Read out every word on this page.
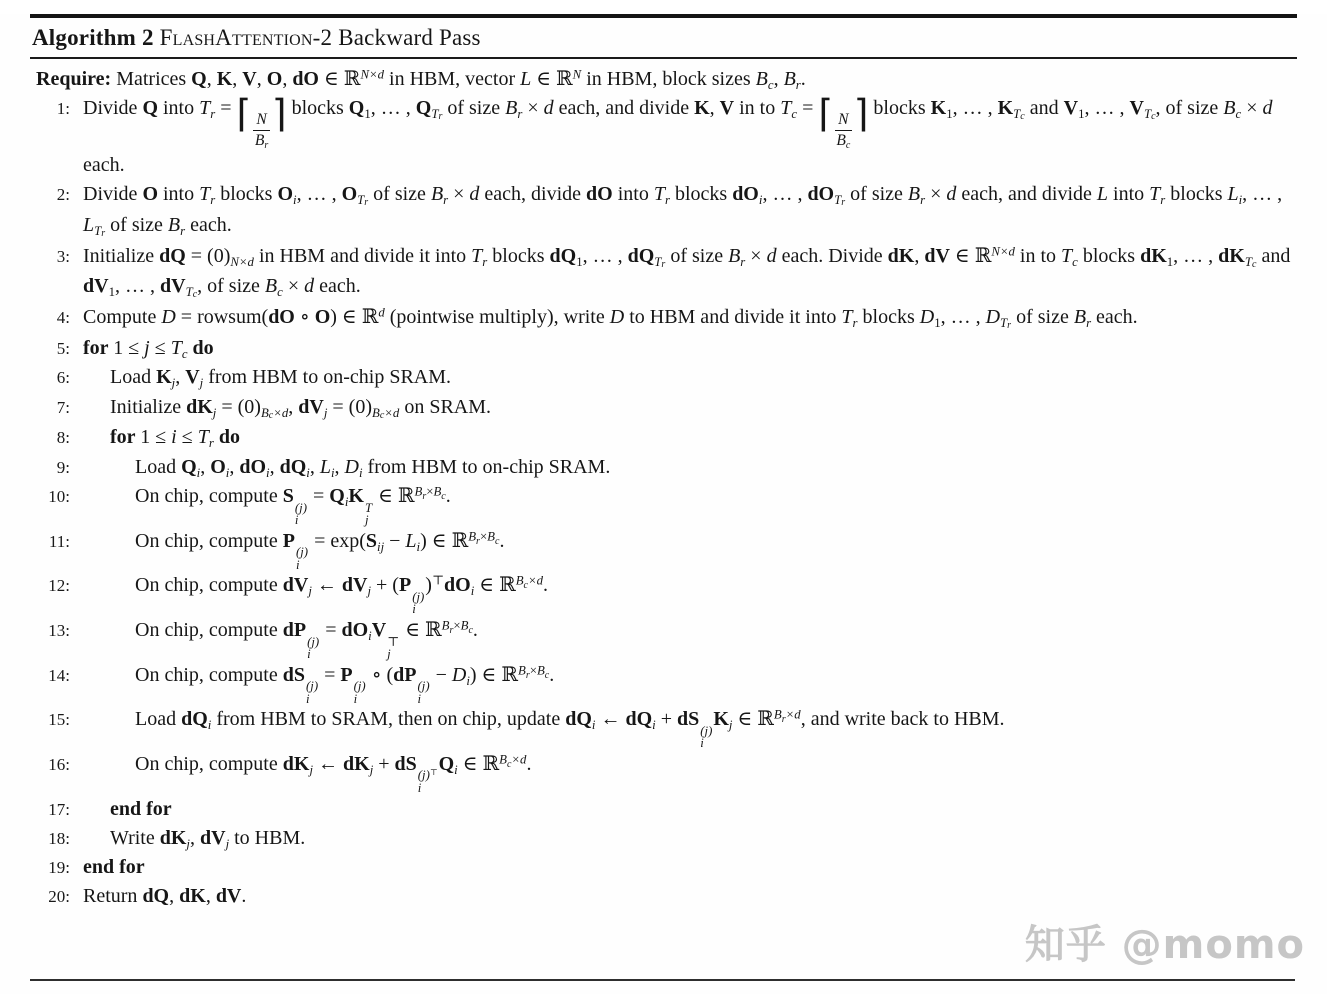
Algorithm 2 FlashAttention-2 Backward Pass
Require: Matrices Q, K, V, O, dO ∈ ℝ$^{N\times d}$ in HBM, vector L ∈ ℝ$^N$ in HBM, block sizes $B_c$, $B_r$.
1: Divide Q into $T_r$ = ⌈ $\frac{N}{B_r}$ ⌉ blocks $Q_1$, … , $Q_{Tr}$ of size $B_r \times d$ each, and divide K, V in to $T_c$ = ⌈ $\frac{N}{B_c}$ ⌉ blocks $K_1$, … , $K_{Tc}$ and $V_1$, … , $V_{Tc}$, of size $B_c \times d$ each.
2: Divide O into $T_r$ blocks $O_i$, … , $O_{Tr}$ of size $B_r \times d$ each, divide dO into $T_r$ blocks $dO_i$, … , $dO_{Tr}$ of size $B_r \times d$ each, and divide L into $T_r$ blocks $L_i$, … , $L_{Tr}$ of size $B_r$ each.
3: Initialize dQ = $(0)_{N\times d}$ in HBM and divide it into $T_r$ blocks $dQ_1$, … , $dQ_{Tr}$ of size $B_r \times d$ each. Divide dK, dV ∈ ℝ$^{N\times d}$ in to $T_c$ blocks $dK_1$, … , $dK_{Tc}$ and $dV_1$, … , $dV_{Tc}$, of size $B_c \times d$ each.
4: Compute D = rowsum(dO ∘ O) ∈ ℝ$^d$ (pointwise multiply), write D to HBM and divide it into $T_r$ blocks $D_1$, … , $D_{Tr}$ of size $B_r$ each.
5: for $1 \le j \le T_c$ do
6:	Load $K_j$, $V_j$ from HBM to on-chip SRAM.
7:	Initialize $dK_j = (0)_{Bc\times d}$, $dV_j = (0)_{Bc\times d}$ on SRAM.
8:	for $1 \le i \le T_r$ do
9:	Load $Q_i$, $O_i$, $dO_i$, $dQ_i$, $L_i$, $D_i$ from HBM to on-chip SRAM.
10:	On chip, compute S
(j)
i
= $Q_iK$
T
j
∈ $ℝ^Br^{\times B}c$.
11:	On chip, compute P
(j)
i
= $\exp(S_{ij} - L_i)$ ∈ $ℝ^Br^{\times B}c$.
12:	On chip, compute $dV_j$ ← $dV_j + (P$
(j)
i
)$^⊤dO_i$ ∈ $ℝ^Bc^{\times d}$.
13:	On chip, compute dP
(j)
i
= $dO_iV$
⊤
j
∈ $ℝ^Br^{\times B}c$.
14:	On chip, compute dS
(j)
i
= P
(j)
i
∘ (dP
(j)
i
− $D_i$) ∈ $ℝ^Br^{\times B}c$.
15:	Load $dQ_i$ from HBM to SRAM, then on chip, update $dQ_i$ ← $dQ_i$ + dS
(j)
i
$K_j$ ∈ $ℝ^Br^{\times d}$, and write back to HBM.
16:	On chip, compute $dK_j$ ← $dK_j$ + dS
(j)⊤
i
$Q_i$ ∈ $ℝ^Bc^{\times d}$.
17:	end for
18:	Write $dK_j$, $dV_j$ to HBM.
19: end for
20: Return dQ, dK, dV.
知乎 @momo
